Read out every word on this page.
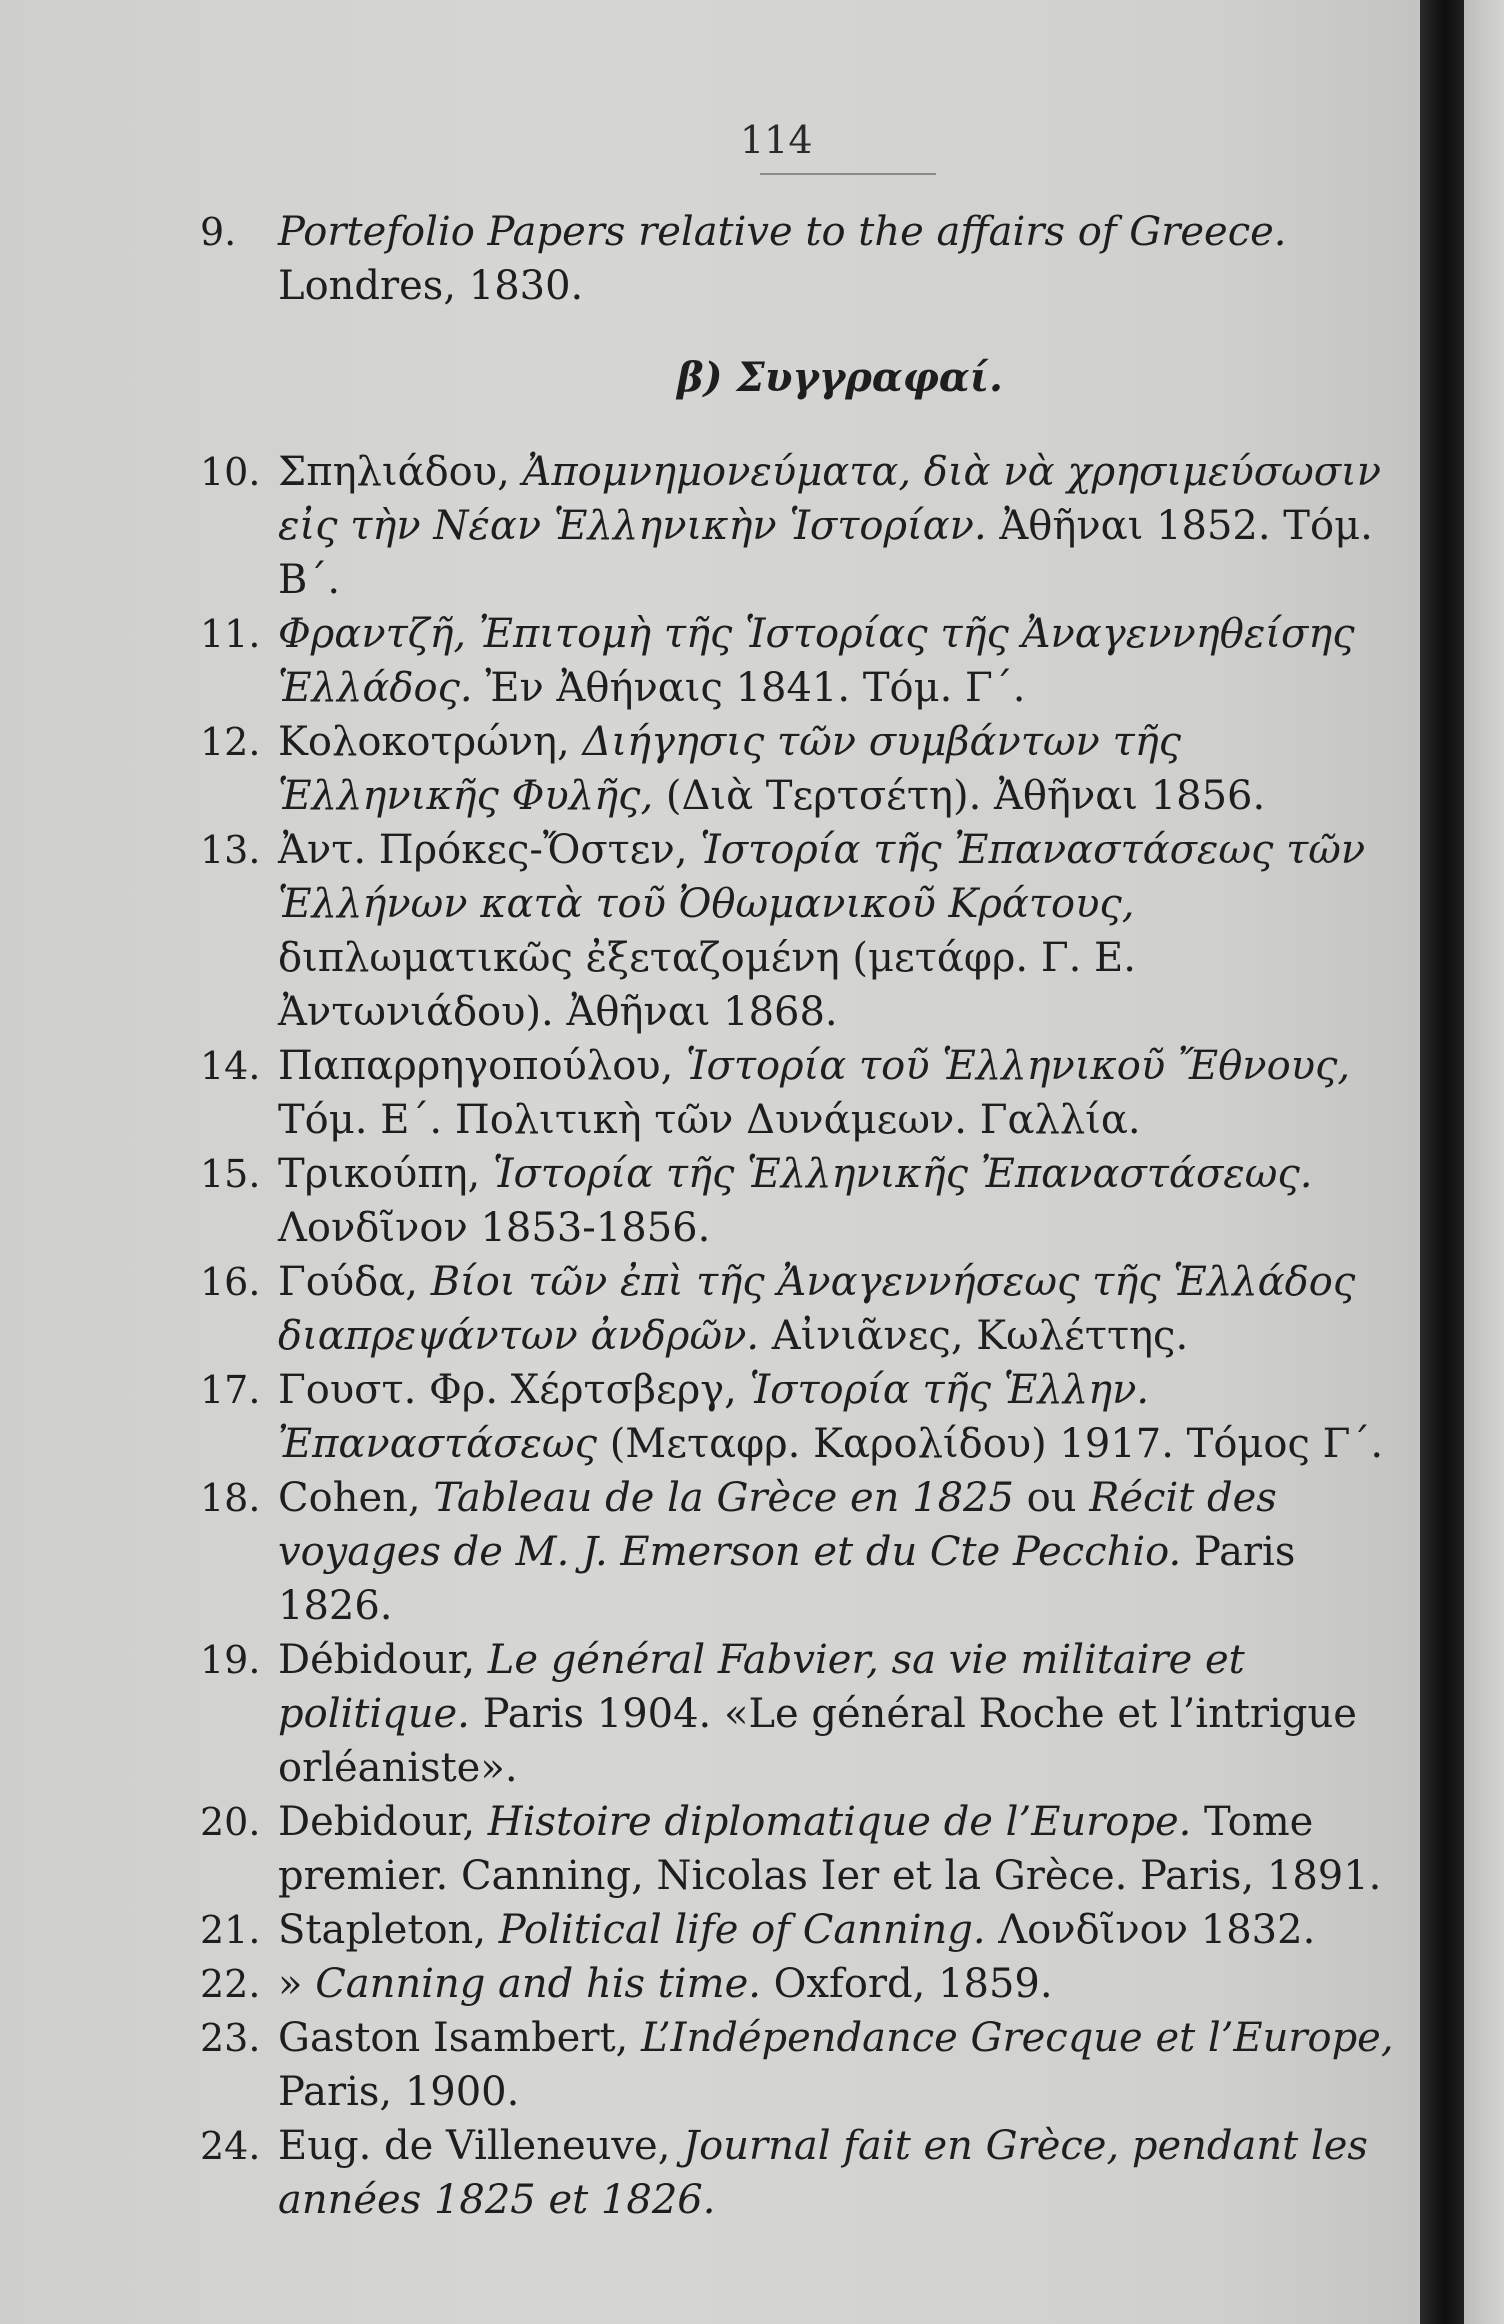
114
9.	Portefolio Papers relative to the affairs of Greece. Londres, 1830.
β) Συγγραφαί.
10. Σπηλιάδου, Ἀπομνημονεύματα, διὰ νὰ χρησιμεύσωσιν εἰς τὴν Νέαν Ἑλληνικὴν Ἱστορίαν. Ἀθῆναι 1852. Τόμ. Β΄.
11. Φραντζῆ, Ἐπιτομὴ τῆς Ἱστορίας τῆς Ἀναγεννηθείσης Ἑλλάδος. Ἐν Ἀθήναις 1841. Τόμ. Γ΄.
12. Κολοκοτρώνη, Διήγησις τῶν συμβάντων τῆς Ἑλληνικῆς Φυλῆς, (Διὰ Τερτσέτη). Ἀθῆναι 1856.
13. Ἀντ. Πρόκες-Ὄστεν, Ἱστορία τῆς Ἐπαναστάσεως τῶν Ἑλλήνων κατὰ τοῦ Ὀθωμανικοῦ Κράτους, διπλωματικῶς ἐξεταζομένη (μετάφρ. Γ. Ε. Ἀντωνιάδου). Ἀθῆναι 1868.
14. Παπαρρηγοπούλου, Ἱστορία τοῦ Ἑλληνικοῦ Ἔθνους, Τόμ. Ε΄. Πολιτικὴ τῶν Δυνάμεων. Γαλλία.
15. Τρικούπη, Ἱστορία τῆς Ἑλληνικῆς Ἐπαναστάσεως. Λονδῖνον 1853-1856.
16. Γούδα, Βίοι τῶν ἐπὶ τῆς Ἀναγεννήσεως τῆς Ἑλλάδος διαπρεψάντων ἀνδρῶν. Αἰνιᾶνες, Κωλέττης.
17. Γουστ. Φρ. Χέρτσβεργ, Ἱστορία τῆς Ἑλλην. Ἐπαναστάσεως (Μεταφρ. Καρολίδου) 1917. Τόμος Γ΄.
18. Cohen, Tableau de la Grèce en 1825 ou Récit des voyages de M. J. Emerson et du Cte Pecchio. Paris 1826.
19. Débidour, Le général Fabvier, sa vie militaire et politique. Paris 1904. «Le général Roche et l’intrigue orléaniste».
20. Debidour, Histoire diplomatique de l’Europe. Tome premier. Canning, Nicolas Ier et la Grèce. Paris, 1891.
21. Stapleton, Political life of Canning. Λονδῖνον 1832.
22. » Canning and his time. Oxford, 1859.
23. Gaston Isambert, L’Indépendance Grecque et l’Europe, Paris, 1900.
24. Eug. de Villeneuve, Journal fait en Grèce, pendant les années 1825 et 1826.
